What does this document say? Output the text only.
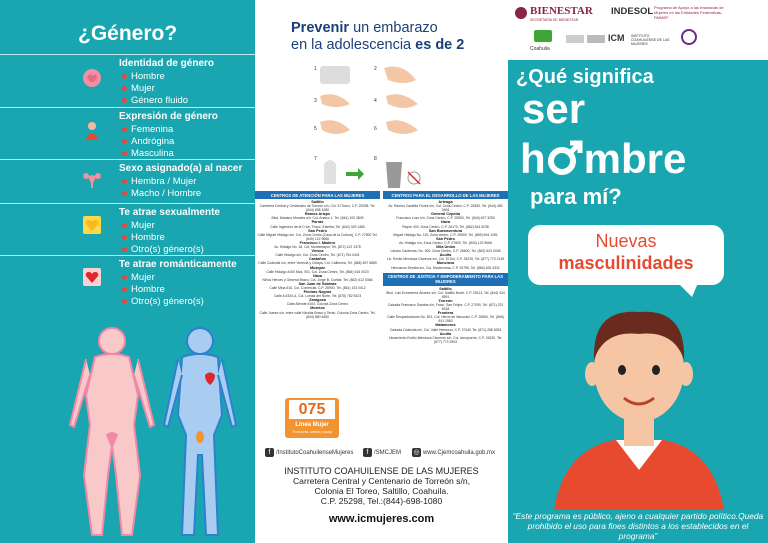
¿Género?
Identidad de género
Hombre
Mujer
Género fluido
Expresión de género
Femenina
Andrógina
Masculina
Sexo asignado(a) al nacer
Hembra / Mujer
Macho / Hombre
Te atrae sexualmente
Mujer
Hombre
Otro(s) género(s)
Te atrae románticamente
Mujer
Hombre
Otro(s) género(s)
Prevenir un embarazo
en la adolescencia es de 2
1	2
3	4
5	6
7	8
CENTROS DE ATENCIÓN PARA LAS MUJERES
Saltillo
Carretera Central y Centenario de Torreón s/n, Col. El Toreo, C.P. 25298, Tel. (844) 698 1080
Ramos Arizpe
Blvd. Mariano Morales s/n, Col. Analco 1, Tel. (844) 100 3849
Parras
Calle Ingeniero de la O s/n, Fracc. Estrella, Tel. (844) 329 1480
San Pedro
Calle Miguel Hidalgo s/n, Col. Zona Centro (Casa de la Cultura), C.P. 27800 Tel. (649) 122 9666
Francisco I. Madero
Av. Hidalgo No. 18, Col. Montemayor, Tel. (872) 122 1378
Viesca
Calle Hidalgo s/n, Col. Zona Centro, Tel. (671) 754 0401
Castaños
Calle Coahuila s/n, entre Venecia y Celaya, Col. California, Tel. (866) 697 8889
Múzquiz
Calle Hidalgo #100 Mza. 001, Col. Zona Centro, Tel. (864) 616 0023
Nava
Niños Héroes y General Bravo, Col. Jorge B. Cuellar, Tel. (862) 612 5366
San Juan de Sabinas
Calle Mina #16, Col. Comercial, C.P. 26900, Tel. (861) 103 0412
Piedras Negras
Calle A #330-A, Col. Lomas del Norte, Tel. (878) 782 5423
Zaragoza
Calle Allende #104, Colonia Zona Centro
Morelos
Calle Juárez s/n, entre calle Nicolás Bravo y Terán, Colonia Zona Centro, Tel. (844) 880 6450
CENTROS PARA EL DESARROLLO DE LAS MUJERES
Arteaga
Av. Ramón Castellá Flores s/n, Col. Zona Centro, C.P. 25350, Tel. (844) 483 0494
General Cepeda
Francisco Lozo s/n, Zona Centro, C.P. 25950, Tel. (844) 497 3250
Nava
Rayón 400, Zona Centro, C.P. 26170, Tel. (862) 624 5238
San Buenaventura
Miguel Hidalgo No. 119, Zona centro, C.P. 25500, Tel. (869) 694 1281
San Pedro
Av. Hidalgo s/n, Zona Centro, C.P. 27800, Tel. (844) 122 9666
Villa Unión
Lázaro Cárdenas, No. 300, Zona Centro, C.P. 26600, Tel. (862) 623 0408
Acuña
Lic. Emilio Mendoza Cisneros s/n, Col. El Sol, C.P. 26230, Tel. (877) 773 2149
Monclova
Hermanos Serdán s/n, Col. Moctezuma, C.P. 25796, Tel. (866) 633 4331
CENTROS DE JUSTICIA Y EMPODERAMIENTO PARA LAS MUJERES
Saltillo
Blvd. Luis Echeverría Álvarez s/n, Col. Saltillo Norte, C.P. 25113, Tel. (844) 434 6591
Torreón
Calzada Francisco Sarabia s/n, Fracc. San Felipe, C.P. 27090, Tel. (871) 222 6318
Frontera
Calle Despachadores No. 821, Col. Héroe de Nacozari, C.P. 25650, Tel. (866) 641 1583
Matamoros
Calzada Coahuila s/n, Col. Valle Hermoso, C.P. 27440 Tel. (871) 288 8393
Acuña
Libramiento Emilio Mendoza Cisneros s/n, Col. Aeropuerto, C.P. 26230, Tel. (877) 773 2993
075
Línea Mujer
Te escucha, orienta y apoya
f /InstitutoCoahuilenseMujeres	f /SMCJEM ◎ www.Cjemcoahuila.gob.mx
INSTITUTO COAHUILENSE DE LAS MUJERES
Carretera Central y Centenario de Torreón s/n,
Colonia El Toreo, Saltillo, Coahuila.
C.P. 25298, Tel.:(844)-698-1080
www.icmujeres.com
BIENESTAR
SECRETARÍA DE BIENESTAR
INDESOL Programa de Apoyo a las Instancias de Mujeres en las Entidades Federativas, PAIMEF
Coahuila
ICM INSTITUTO COAHUILENSE DE LAS MUJERES
¿Qué significa
ser
h mbre
para mí?
Nuevas
masculinidades
“Este programa es público, ajeno a cualquier partido político.Queda prohibido el uso para fines distintos a los establecidos en el programa”
